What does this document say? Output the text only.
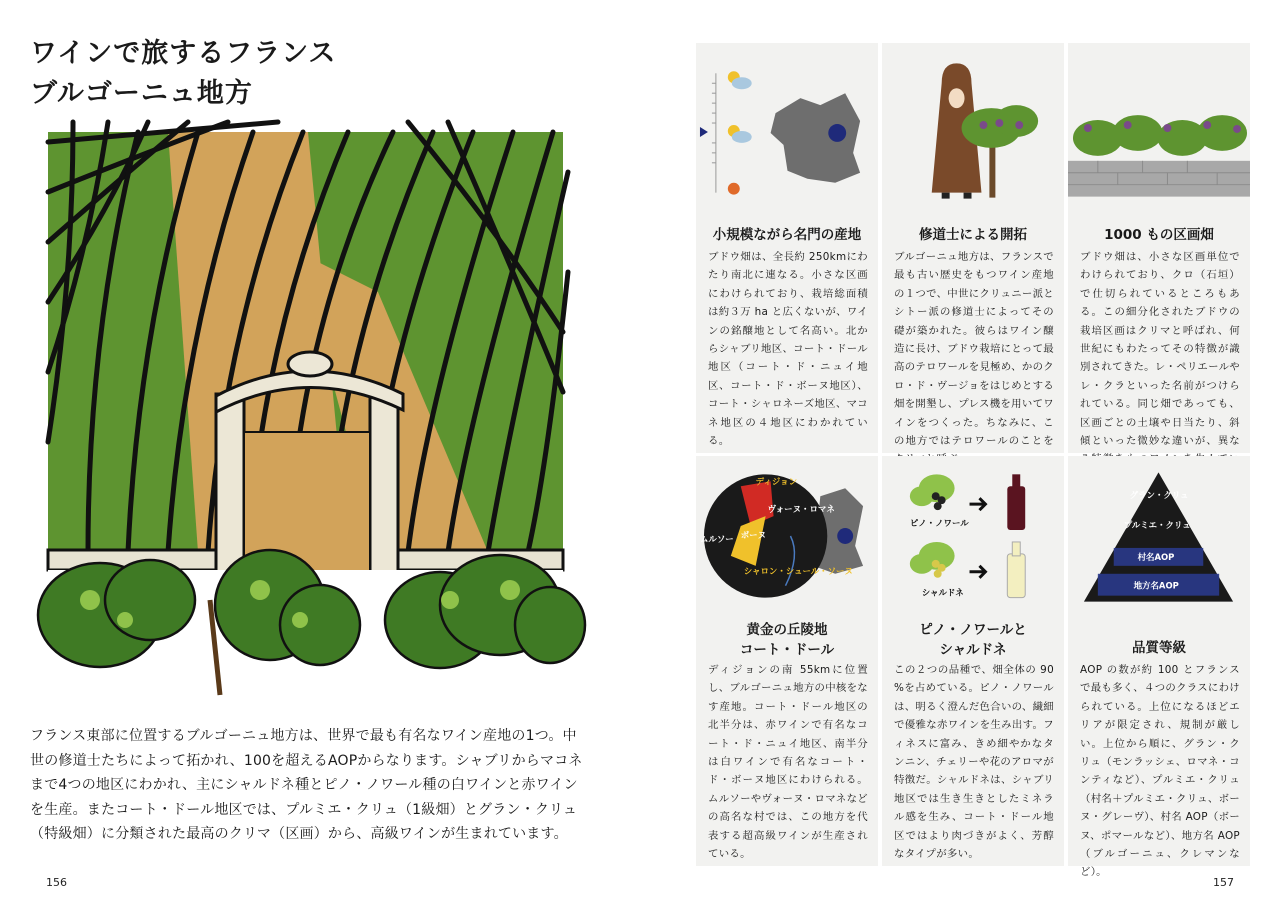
ワインで旅するフランス
ブルゴーニュ地方

フランス東部に位置するブルゴーニュ地方は、世界で最も有名なワイン産地の1つ。中世の修道士たちによって拓かれ、100を超えるAOPからなります。シャブリからマコネまで4つの地区にわかれ、主にシャルドネ種とピノ・ノワール種の白ワインと赤ワインを生産。またコート・ドール地区では、プルミエ・クリュ（1級畑）とグラン・クリュ（特級畑）に分類された最高のクリマ（区画）から、高級ワインが生まれています。

156
小規模ながら名門の産地

ブドウ畑は、全長約 250kmにわたり南北に連なる。小さな区画にわけられており、栽培総面積は約３万 ha と広くないが、ワインの銘醸地として名高い。北からシャブリ地区、コート・ドール地区（コート・ド・ニュイ地区、コート・ド・ボーヌ地区）、コート・シャロネーズ地区、マコネ地区の４地区にわかれている。

修道士による開拓

ブルゴーニュ地方は、フランスで最も古い歴史をもつワイン産地の１つで、中世にクリュニー派とシトー派の修道士によってその礎が築かれた。彼らはワイン醸造に長け、ブドウ栽培にとって最高のテロワールを見極め、かのクロ・ド・ヴージョをはじめとする畑を開墾し、プレス機を用いてワインをつくった。ちなみに、この地方ではテロワールのことを

1000 もの区画畑

ブドウ畑は、小さな区画単位でわけられており、クロ（石垣）で仕切られているところもある。この細分化されたブドウの栽培区画はクリマと呼ばれ、何世紀にもわたってその特徴が識別されてきた。レ・ペリエールやレ・クラといった名前がつけられている。同じ畑であっても、区画ごとの土壌や日当たり、斜傾といった微妙な違いが、異な

ディジョン
ヴォーヌ・ロマネ
ムルソー ボーヌ
シャロン・シュール・ソーヌ
黄金の丘陵地
コート・ドール

ディジョンの南 55kmに位置し、ブルゴーニュ地方の中核をなす産地。コート・ドール地区の北半分は、赤ワインで有名なコート・ド・ニュイ地区、南半分は白ワインで有名なコート・ド・ボーヌ地区にわけられる。ムルソーやヴォーヌ・ロマネなどの高名な村では、この地方を代表する超高級ワインが生産されている。

ピノ・ノワール
シャルドネ
ピノ・ノワールと
シャルドネ

この２つの品種で、畑全体の 90 %を占めている。ピノ・ノワールは、明るく澄んだ色合いの、繊細で優雅な赤ワインを生み出す。フィネスに富み、きめ細やかなタンニン、チェリーや花のアロマが特徴だ。シャルドネは、シャブリ地区では生き生きとしたミネラル感を生み、コート・ドール地区ではより肉づきがよく、芳醇なタイプが多い。

グラン・クリュ
プルミエ・クリュ
村名AOP
地方名AOP
品質等級

AOP の数が約 100 とフランスで最も多く、４つのクラスにわけられている。上位になるほどエリアが限定され、規制が厳しい。上位から順に、グラン・クリュ（モンラッシェ、ロマネ・コンティなど）、プルミエ・クリュ（村名＋プルミエ・クリュ、ボーヌ・グレーヴ）、村名 AOP（ボーヌ、ポマールなど）、地方名 AOP（ブルゴーニュ、クレマンなど）。

157
